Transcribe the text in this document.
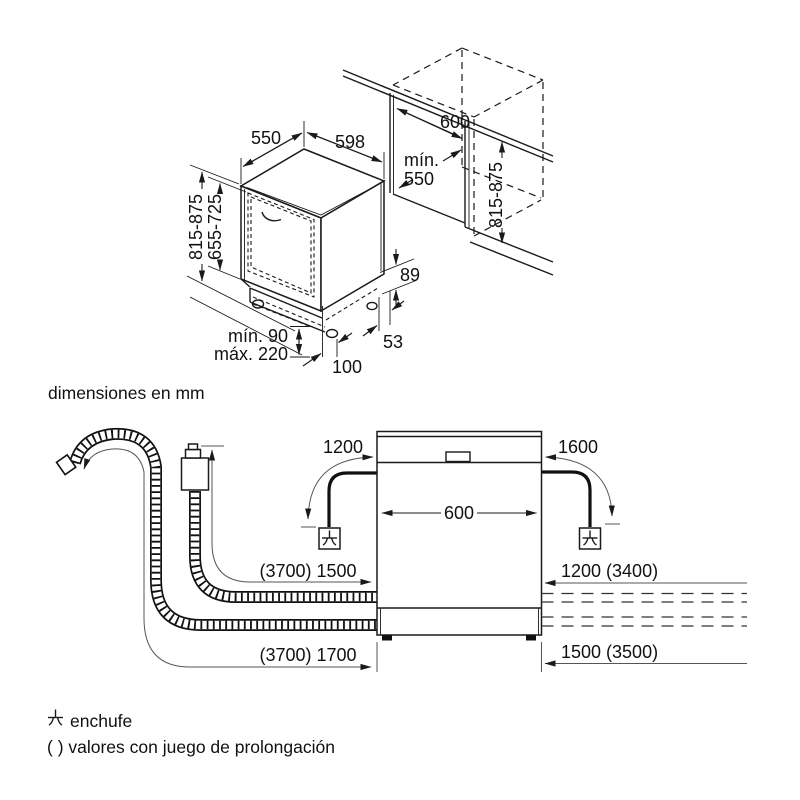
550	598
600
mín.
550
815-875 655-725	815-875
89
53
100
mín. 90
máx. 220
dimensiones en mm
(3700) 1500
(3700) 1700
1200	1600
600
1200 (3400)
1500 (3500)
enchufe
( ) valores con juego de prolongación
